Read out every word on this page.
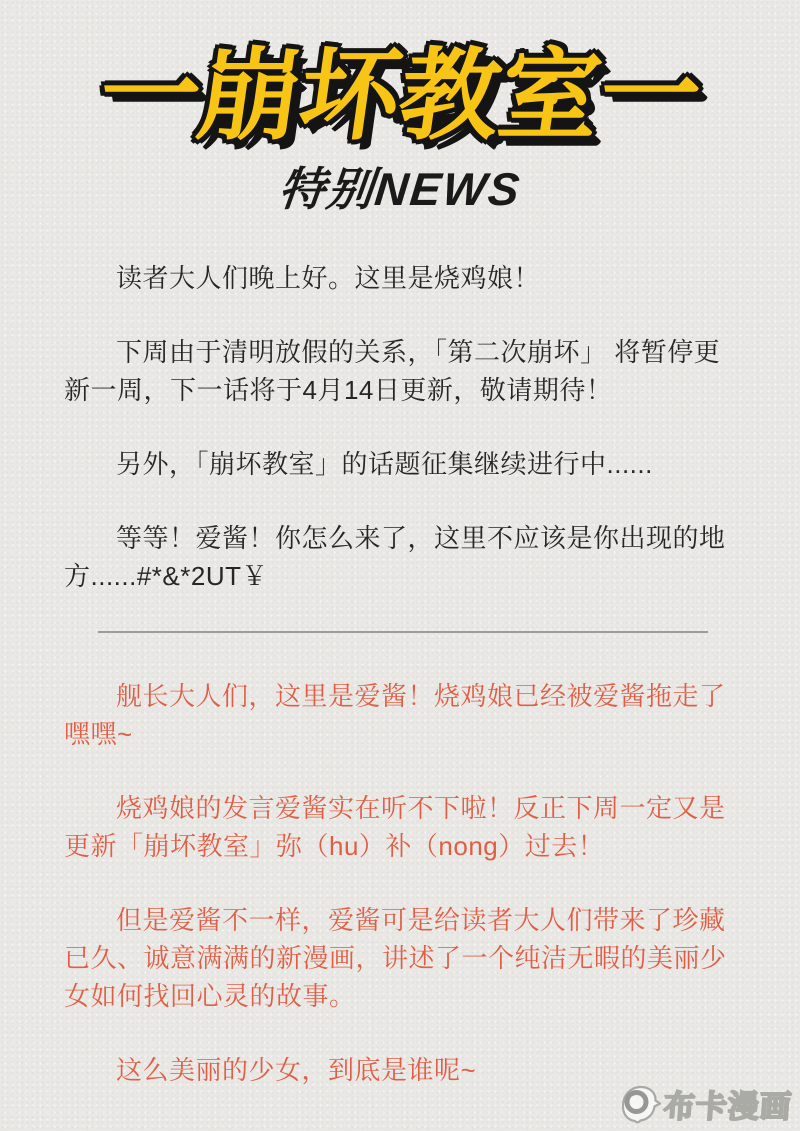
一崩坏教室一
特别NEWS

读者大人们晚上好。这里是烧鸡娘！

下周由于清明放假的关系，「第二次崩坏」 将暂停更新一周，下一话将于4月14日更新，敬请期待！

另外，「崩坏教室」的话题征集继续进行中......

等等！爱酱！你怎么来了，这里不应该是你出现的地方......#*&*2UT￥

舰长大人们，这里是爱酱！烧鸡娘已经被爱酱拖走了嘿嘿~

烧鸡娘的发言爱酱实在听不下啦！反正下周一定又是更新「崩坏教室」弥（hu）补（nong）过去！

但是爱酱不一样，爱酱可是给读者大人们带来了珍藏已久、诚意满满的新漫画，讲述了一个纯洁无暇的美丽少女如何找回心灵的故事。

这么美丽的少女，到底是谁呢~

布卡漫画
